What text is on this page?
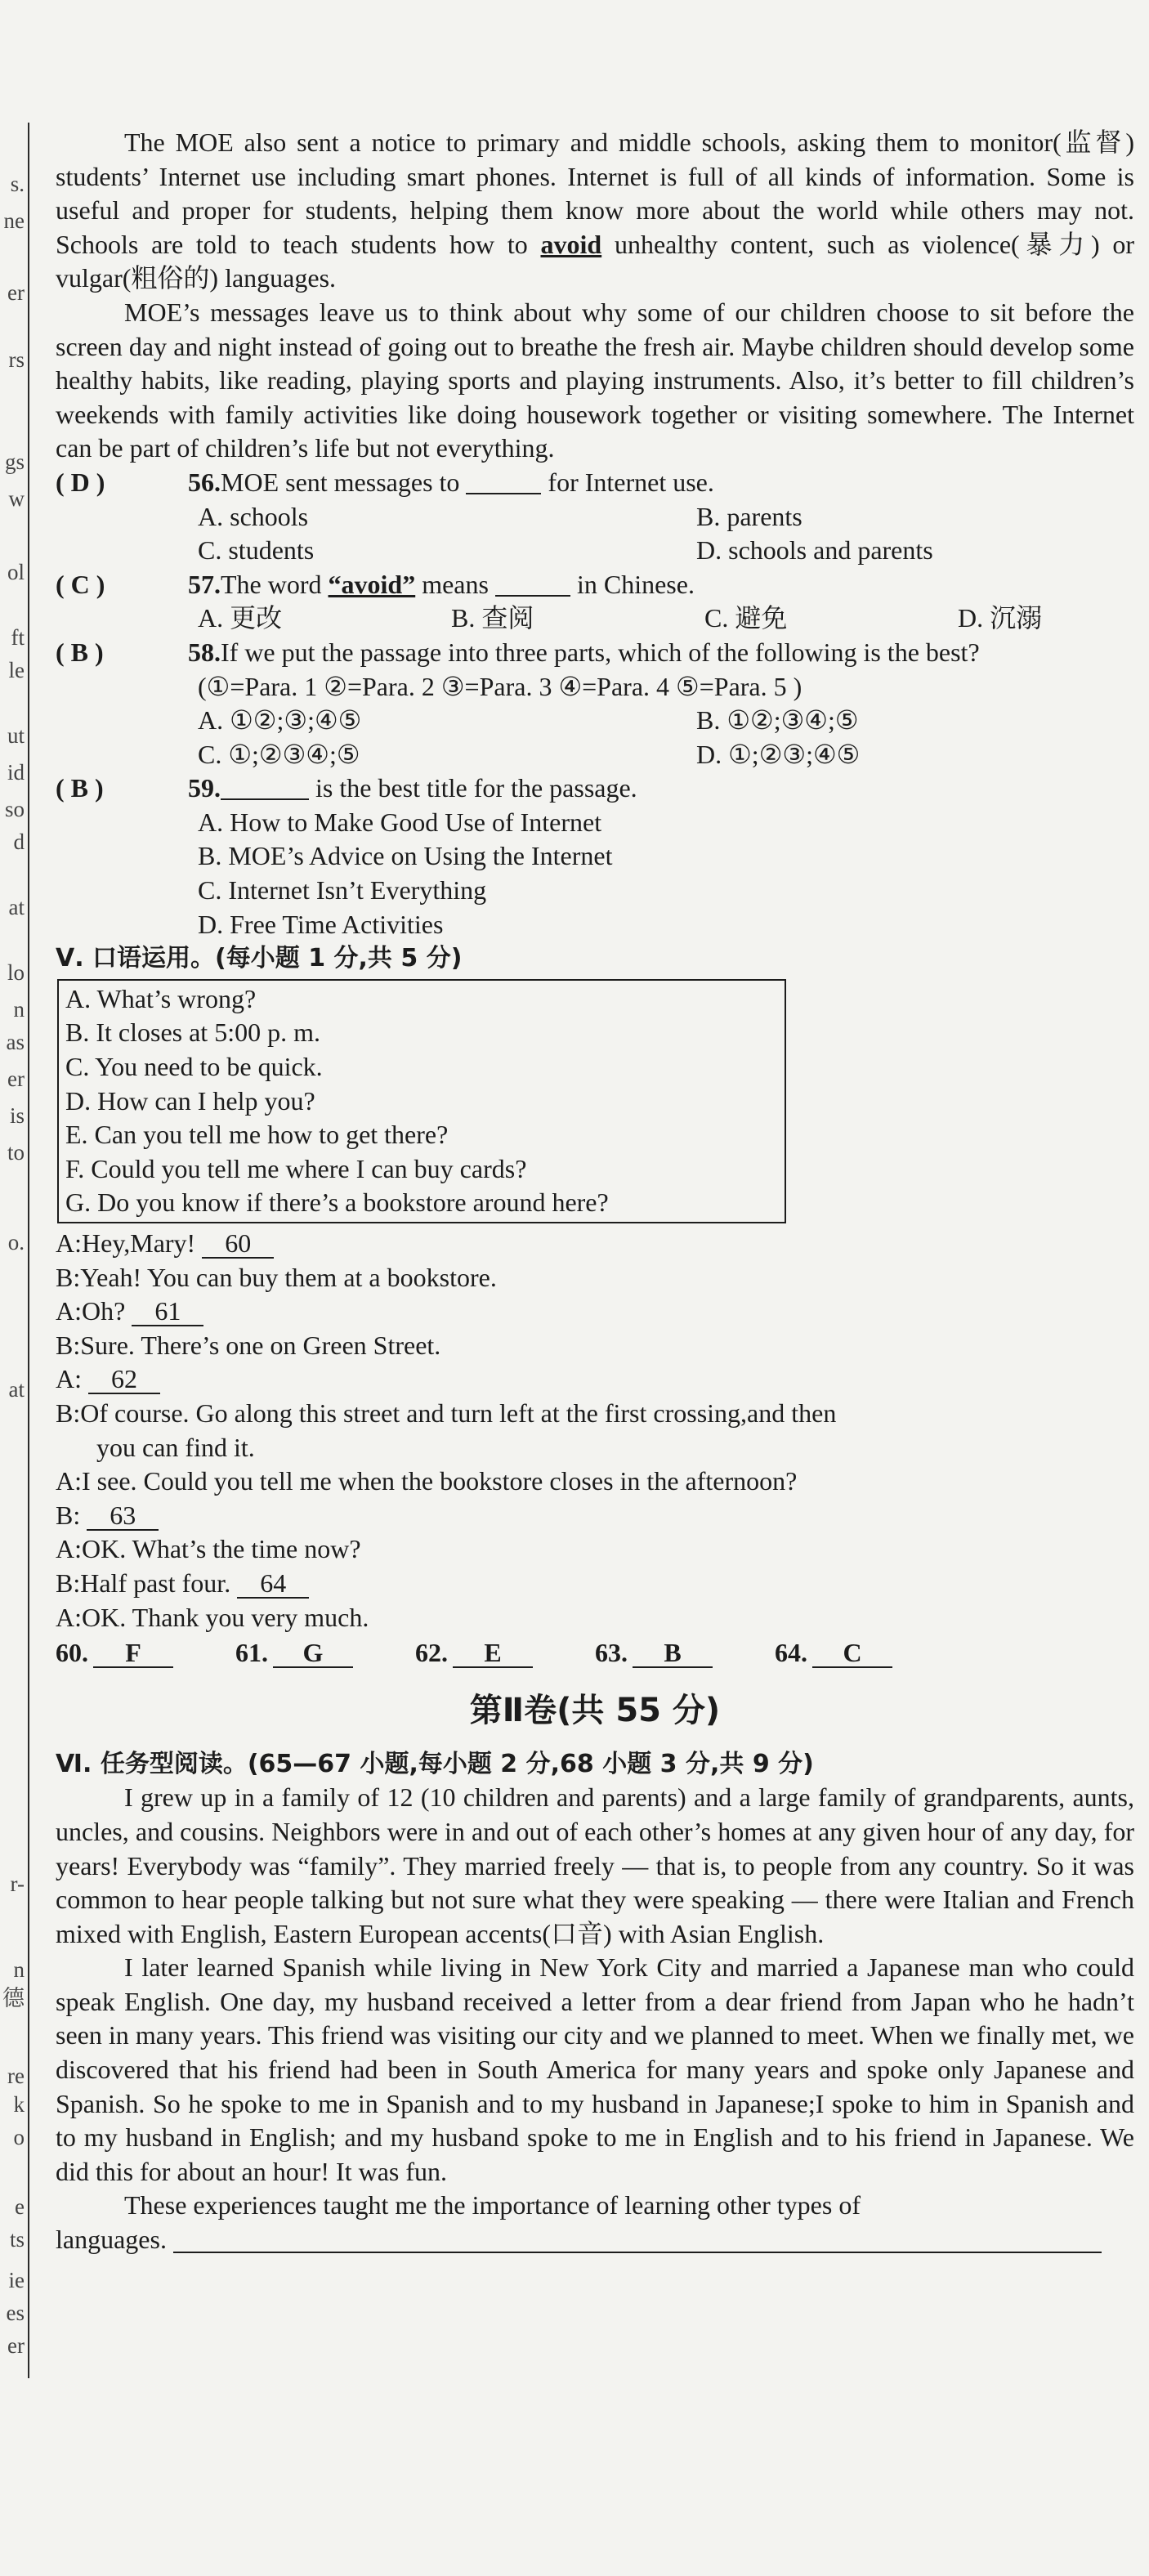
The MOE also sent a notice to primary and middle schools, asking them to monitor(监督) students’ Internet use including smart phones. Internet is full of all kinds of information. Some is useful and proper for students, helping them know more about the world while others may not. Schools are told to teach students how to avoid unhealthy content, such as violence(暴力) or vulgar(粗俗的) languages.

MOE’s messages leave us to think about why some of our children choose to sit before the screen day and night instead of going out to breathe the fresh air. Maybe children should develop some healthy habits, like reading, playing sports and playing instruments. Also, it’s better to fill children’s weekends with family activities like doing housework together or visiting somewhere. The Internet can be part of children’s life but not everything.

( D )	56.MOE sent messages to	for Internet use.
A. schools	B. parents
C. students	D. schools and parents
( C )	57.The word “avoid” means	in Chinese.
A. 更改	B. 查阅	C. 避免	D. 沉溺
( B )	58.If we put the passage into three parts, which of the following is the best?
(①=Para. 1 ②=Para. 2 ③=Para. 3 ④=Para. 4 ⑤=Para. 5 )
A. ①②;③;④⑤	B. ①②;③④;⑤
C. ①;②③④;⑤	D. ①;②③;④⑤
( B )	59.	is the best title for the passage.
A. How to Make Good Use of Internet
B. MOE’s Advice on Using the Internet
C. Internet Isn’t Everything
D. Free Time Activities

Ⅴ. 口语运用。(每小题 1 分,共 5 分)

A. What’s wrong?

B. It closes at 5:00 p. m.

C. You need to be quick.

D. How can I help you?

E. Can you tell me how to get there?

F. Could you tell me where I can buy cards?

G. Do you know if there’s a bookstore around here?

A:Hey,Mary! 60

B:Yeah! You can buy them at a bookstore.

A:Oh? 61

B:Sure. There’s one on Green Street.

A: 62

B:Of course. Go along this street and turn left at the first crossing,and then

you can find it.

A:I see. Could you tell me when the bookstore closes in the afternoon?

B: 63

A:OK. What’s the time now?

B:Half past four. 64

A:OK. Thank you very much.

60. F	61. G	62. E	63. B	64. C
第Ⅱ卷(共 55 分)

Ⅵ. 任务型阅读。(65—67 小题,每小题 2 分,68 小题 3 分,共 9 分)

I grew up in a family of 12 (10 children and parents) and a large family of grandparents, aunts, uncles, and cousins. Neighbors were in and out of each other’s homes at any given hour of any day, for years! Everybody was “family”. They married freely — that is, to people from any country. So it was common to hear people talking but not sure what they were speaking — there were Italian and French mixed with English, Eastern European accents(口音) with Asian English.

I later learned Spanish while living in New York City and married a Japanese man who could speak English. One day, my husband received a letter from a dear friend from Japan who he hadn’t seen in many years. This friend was visiting our city and we planned to meet. When we finally met, we discovered that his friend had been in South America for many years and spoke only Japanese and Spanish. So he spoke to me in Spanish and to my husband in Japanese;I spoke to him in Spanish and to my husband in English; and my husband spoke to me in English and to his friend in Japanese. We did this for about an hour! It was fun.

These experiences taught me the importance of learning other types of

languages.

s.
ne
er
rs
gs
w
ol
ft
le
ut
id
so
d
at
lo
n
as
er
is
to
o.
at
r-
n
德
re
k
o
e
ts
ie
es
er
